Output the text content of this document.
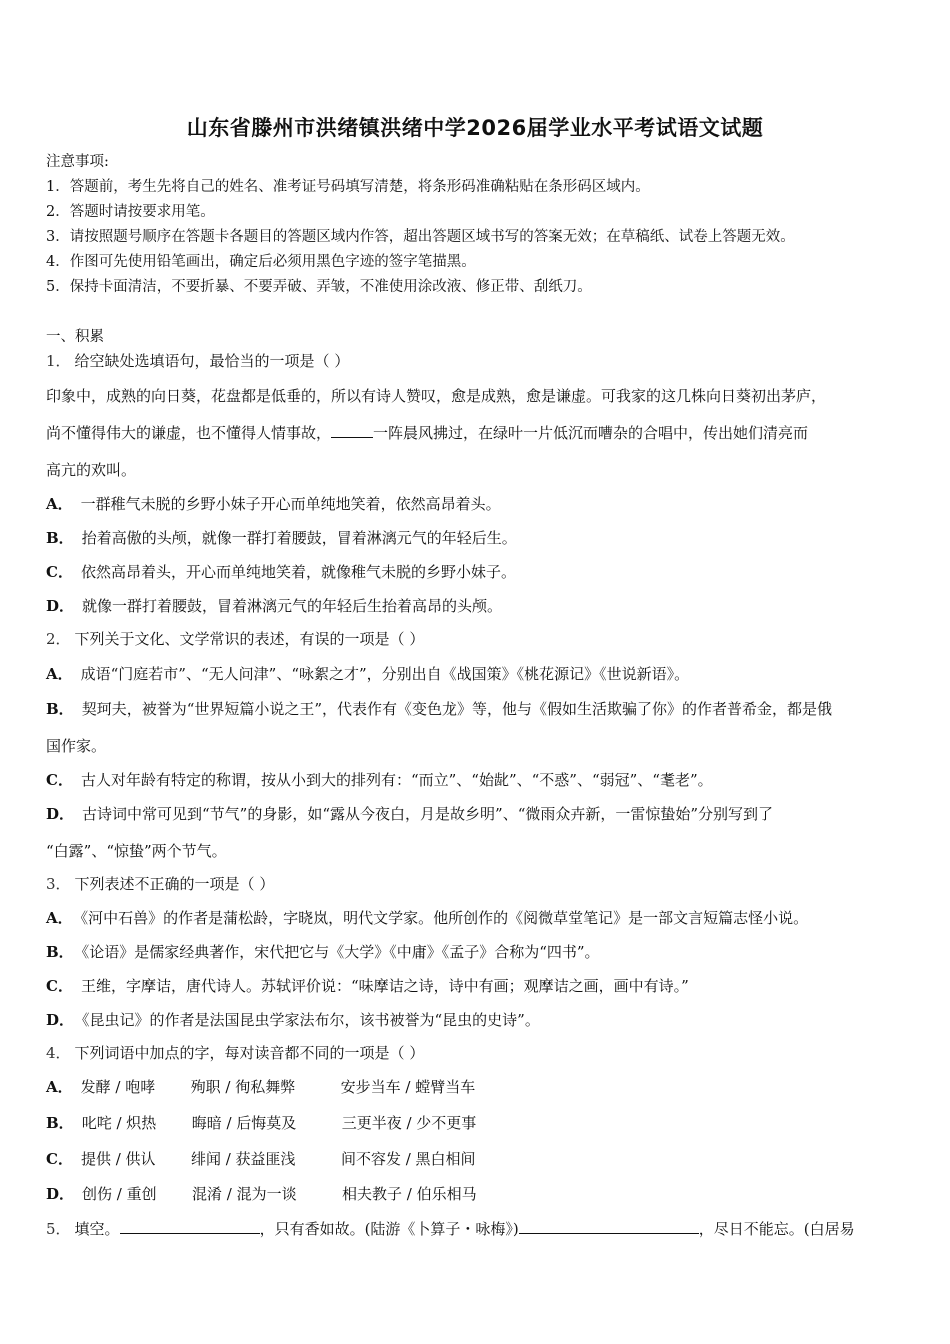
山东省滕州市洪绪镇洪绪中学2026届学业水平考试语文试题
注意事项:
1．答题前，考生先将自己的姓名、准考证号码填写清楚，将条形码准确粘贴在条形码区域内。
2．答题时请按要求用笔。
3．请按照题号顺序在答题卡各题目的答题区域内作答，超出答题区域书写的答案无效；在草稿纸、试卷上答题无效。
4．作图可先使用铅笔画出，确定后必须用黑色字迹的签字笔描黑。
5．保持卡面清洁，不要折暴、不要弄破、弄皱，不准使用涂改液、修正带、刮纸刀。
一、积累
1． 给空缺处选填语句，最恰当的一项是（ ）
印象中，成熟的向日葵，花盘都是低垂的，所以有诗人赞叹，愈是成熟，愈是谦虚。可我家的这几株向日葵初出茅庐，
尚不懂得伟大的谦虚，也不懂得人情事故，	一阵晨风拂过，在绿叶一片低沉而嘈杂的合唱中，传出她们清亮而
高亢的欢叫。
A． 一群稚气未脱的乡野小妹子开心而单纯地笑着，依然高昂着头。
B． 抬着高傲的头颅，就像一群打着腰鼓，冒着淋漓元气的年轻后生。
C． 依然高昂着头，开心而单纯地笑着，就像稚气未脱的乡野小妹子。
D． 就像一群打着腰鼓，冒着淋漓元气的年轻后生抬着高昂的头颅。
2． 下列关于文化、文学常识的表述，有误的一项是（ ）
A． 成语“门庭若市”、“无人问津”、“咏絮之才”，分别出自《战国策》《桃花源记》《世说新语》。
B． 契珂夫，被誉为“世界短篇小说之王”，代表作有《变色龙》等，他与《假如生活欺骗了你》的作者普希金，都是俄
国作家。
C． 古人对年龄有特定的称谓，按从小到大的排列有：“而立”、“始龀”、“不惑”、“弱冠”、“耄老”。
D． 古诗词中常可见到“节气”的身影，如“露从今夜白，月是故乡明”、“微雨众卉新，一雷惊蛰始”分别写到了
“白露”、“惊蛰”两个节气。
3． 下列表述不正确的一项是（ ）
A． 《河中石兽》的作者是蒲松龄，字晓岚，明代文学家。他所创作的《阅微草堂笔记》是一部文言短篇志怪小说。
B． 《论语》是儒家经典著作，宋代把它与《大学》《中庸》《孟子》合称为“四书”。
C． 王维，字摩诘，唐代诗人。苏轼评价说：“味摩诘之诗，诗中有画；观摩诘之画，画中有诗。”
D． 《昆虫记》的作者是法国昆虫学家法布尔，该书被誉为“昆虫的史诗”。
4． 下列词语中加点的字，每对读音都不同的一项是（ ）
A． 发酵 / 咆哮 殉职 / 徇私舞弊	安步当车 / 螳臂当车
B． 叱咤 / 炽热 晦暗 / 后悔莫及	三更半夜 / 少不更事
C． 提供 / 供认 绯闻 / 获益匪浅	间不容发 / 黑白相间
D． 创伤 / 重创 混淆 / 混为一谈	相夫教子 / 伯乐相马
5． 填空。	，只有香如故。(陆游《卜算子・咏梅》)	，尽日不能忘。(白居易
